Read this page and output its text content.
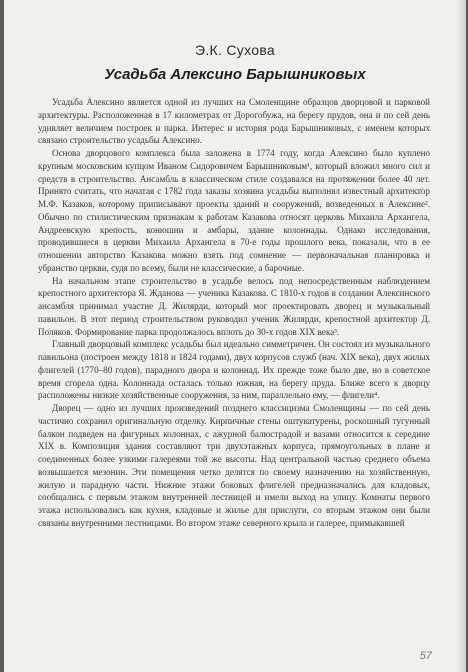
Э.К. Сухова
Усадьба Алексино Барышниковых

Усадьба Алексино является одной из лучших на Смоленщине образцов дворцовой и парковой архитектуры. Расположенная в 17 километрах от Дорогобужа, на берегу прудов, она и по сей день удивляет величием построек и парка. Интерес и история рода Барышниковых, с именем которых связано строительство усадьбы Алексино.

Основа дворцового комплекса была заложена в 1774 году, когда Алексино было куплено крупным московским купцом Иваном Сидоровичем Барышниковым¹, который вложил много сил и средств в строительство. Ансамбль в классическом стиле создавался на протяжении более 40 лет. Принято считать, что начатая с 1782 года заказы хозяина усадьбы выполнял известный архитектор М.Ф. Казаков, которому приписывают проекты зданий и сооружений, возведенных в Алексине². Обычно по стилистическим признакам к работам Казакова относят церковь Михаила Архангела, Андреевскую крепость, конюшни и амбары, здание колоннады. Однако исследования, проводившиеся в церкви Михаила Архангела в 70-е годы прошлого века, показали, что в ее отношении авторство Казакова можно взять под сомнение — первоначальная планировка и убранство церкви, судя по всему, были не классические, а барочные.

На начальном этапе строительство в усадьбе велось под непосредственным наблюдением крепостного архитектора Я. Жданова — ученика Казакова. С 1810-х годов в создании Алексинского ансамбля принимал участие Д. Жилярди, который мог проектировать дворец и музыкальный павильон. В этот период строительством руководил ученик Жилярди, крепостной архитектор Д. Поляков. Формирование парка продолжалось вплоть до 30-х годов XIX века³.

Главный дворцовый комплекс усадьбы был идеально симметричен. Он состоял из музыкального павильона (построен между 1818 и 1824 годами), двух корпусов служб (нач. XIX века), двух жилых флигелей (1770–80 годов), парадного двора и колоннад. Их прежде тоже было две, но в советское время сгорела одна. Колоннада осталась только южная, на берегу пруда. Ближе всего к дворцу расположены низкие хозяйственные сооружения, за ним, параллельно ему, — флигели⁴.

Дворец — одно из лучших произведений позднего классицизма Смоленщины — по сей день частично сохранил оригинальную отделку. Кирпичные стены оштукатурены, роскошный тугунный балкон подведен на фигурных колоннах, с ажурной балюстрадой и вазами относится к середине XIX в. Композиция здания составляют три двухэтажных корпуса, прямоугольных в плане и соединенных более узкими галереями той же высоты. Над центральной частью среднего объема возвышается мезонин. Эти помещения четко делятся по своему назначению на хозяйственную, жилую и парадную части. Нижние этажи боковых флигелей предназначались для кладовых, сообщались с первым этажом внутренней лестницей и имели выход на улицу. Комнаты первого этажа использовались как кухня, кладовые и жилье для прислуги, со вторым этажом они были связаны внутренними лестницами. Во втором этаже северного крыла и галерее, примыкавшей

57
